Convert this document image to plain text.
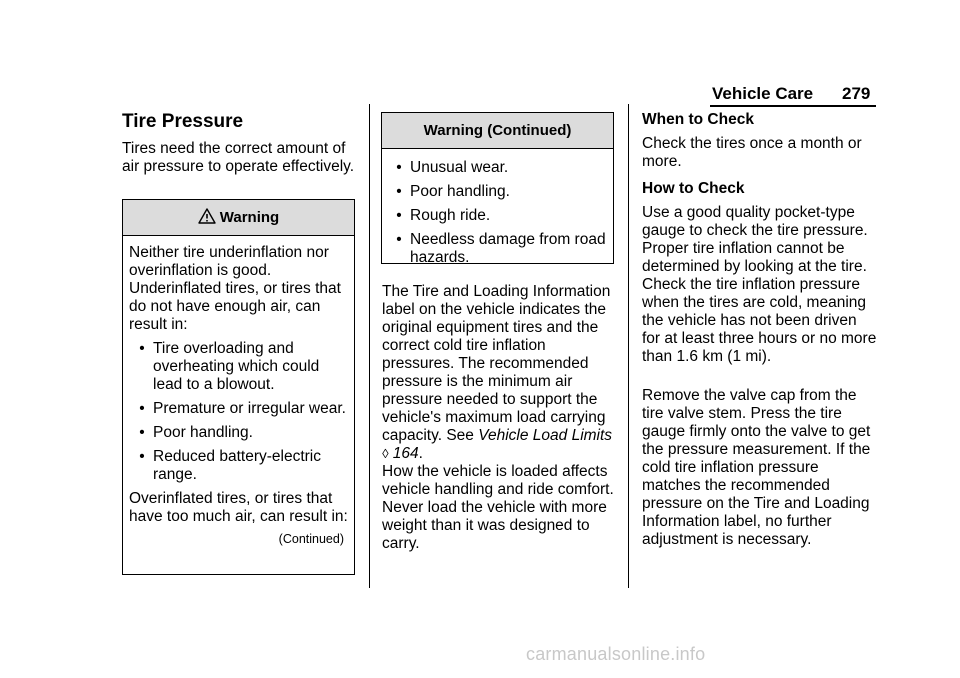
Vehicle Care 279
Tire Pressure
Tires need the correct amount of air pressure to operate effectively.
Warning
Neither tire underinflation nor overinflation is good. Underinflated tires, or tires that do not have enough air, can result in:
• Tire overloading and overheating which could lead to a blowout.
• Premature or irregular wear.
• Poor handling.
• Reduced battery-electric range.
Overinflated tires, or tires that have too much air, can result in:
(Continued)
Warning (Continued)
• Unusual wear.
• Poor handling.
• Rough ride.
• Needless damage from road hazards.
The Tire and Loading Information label on the vehicle indicates the original equipment tires and the correct cold tire inflation pressures. The recommended pressure is the minimum air pressure needed to support the vehicle's maximum load carrying capacity. See Vehicle Load Limits ◊ 164.
How the vehicle is loaded affects vehicle handling and ride comfort. Never load the vehicle with more weight than it was designed to carry.
When to Check
Check the tires once a month or more.
How to Check
Use a good quality pocket-type gauge to check the tire pressure. Proper tire inflation cannot be determined by looking at the tire. Check the tire inflation pressure when the tires are cold, meaning the vehicle has not been driven for at least three hours or no more than 1.6 km (1 mi).
Remove the valve cap from the tire valve stem. Press the tire gauge firmly onto the valve to get the pressure measurement. If the cold tire inflation pressure matches the recommended pressure on the Tire and Loading Information label, no further adjustment is necessary.
carmanualsonline.info
